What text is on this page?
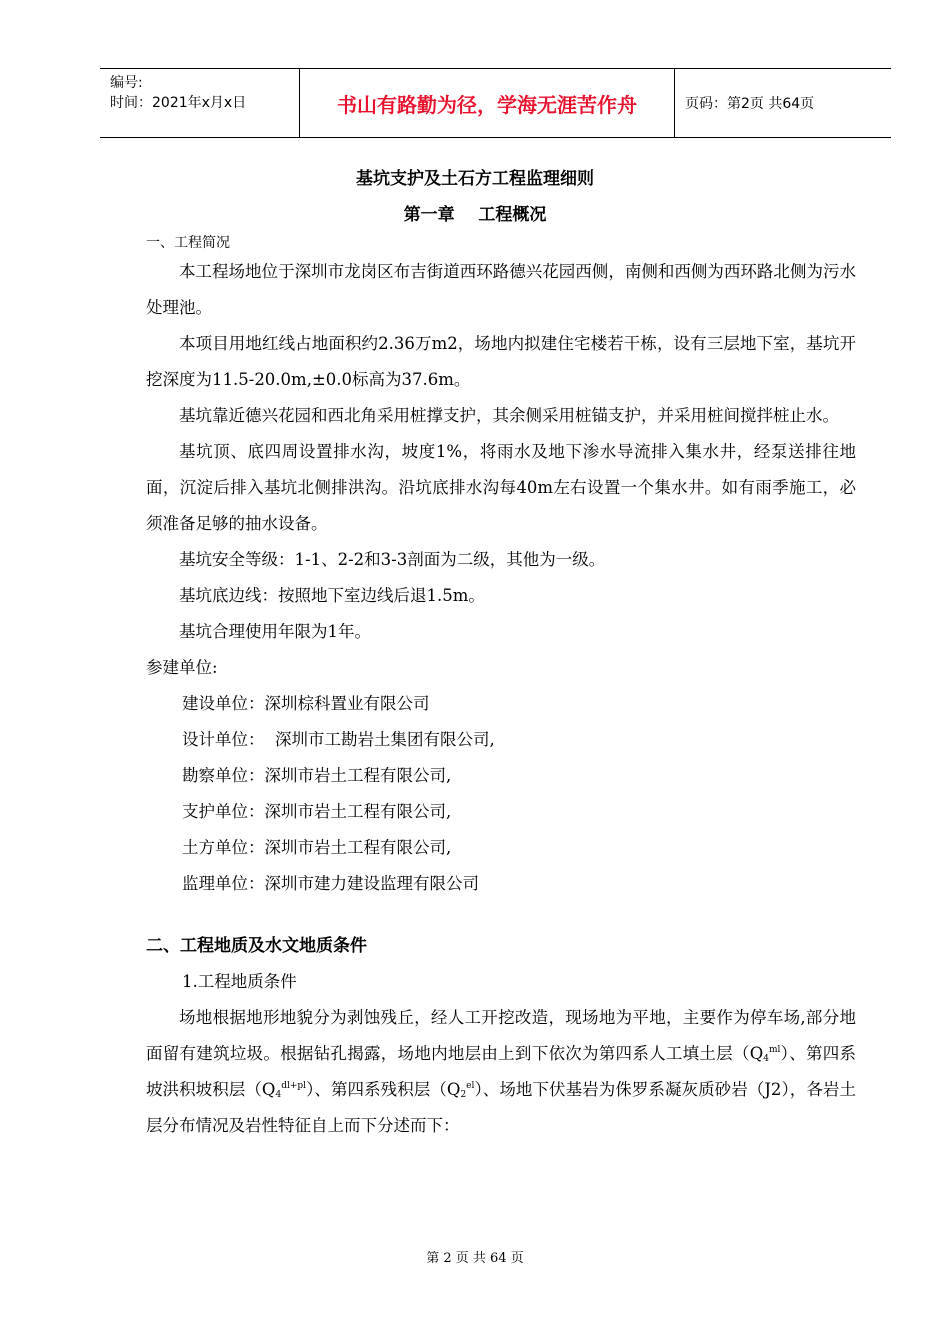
编号:
时间：2021年x月x日	书山有路勤为径，学海无涯苦作舟	页码：第2页 共64页
基坑支护及土石方工程监理细则
第一章    工程概况
一、工程简况

本工程场地位于深圳市龙岗区布吉街道西环路德兴花园西侧，南侧和西侧为西环路北侧为污水处理池。

本项目用地红线占地面积约2.36万m2，场地内拟建住宅楼若干栋，设有三层地下室，基坑开挖深度为11.5-20.0m,±0.0标高为37.6m。

基坑靠近德兴花园和西北角采用桩撑支护，其余侧采用桩锚支护，并采用桩间搅拌桩止水。

基坑顶、底四周设置排水沟，坡度1%，将雨水及地下渗水导流排入集水井，经泵送排往地面，沉淀后排入基坑北侧排洪沟。沿坑底排水沟每40m左右设置一个集水井。如有雨季施工，必须准备足够的抽水设备。

基坑安全等级：1-1、2-2和3-3剖面为二级，其他为一级。

基坑底边线：按照地下室边线后退1.5m。

基坑合理使用年限为1年。

参建单位:

建设单位：深圳棕科置业有限公司

设计单位：  深圳市工勘岩土集团有限公司,

勘察单位：深圳市岩土工程有限公司,

支护单位：深圳市岩土工程有限公司,

土方单位：深圳市岩土工程有限公司,

监理单位：深圳市建力建设监理有限公司

二、工程地质及水文地质条件

1.工程地质条件

场地根据地形地貌分为剥蚀残丘，经人工开挖改造，现场地为平地，主要作为停车场,部分地面留有建筑垃圾。根据钻孔揭露，场地内地层由上到下依次为第四系人工填土层$(Q_4^{ml})$、第四系坡洪积坡积层$(Q_4^{dl+pl})$、第四系残积层$(Q_2^{el})$、场地下伏基岩为侏罗系凝灰质砂岩（J2），各岩土层分布情况及岩性特征自上而下分述而下：

第 2 页 共 64 页
